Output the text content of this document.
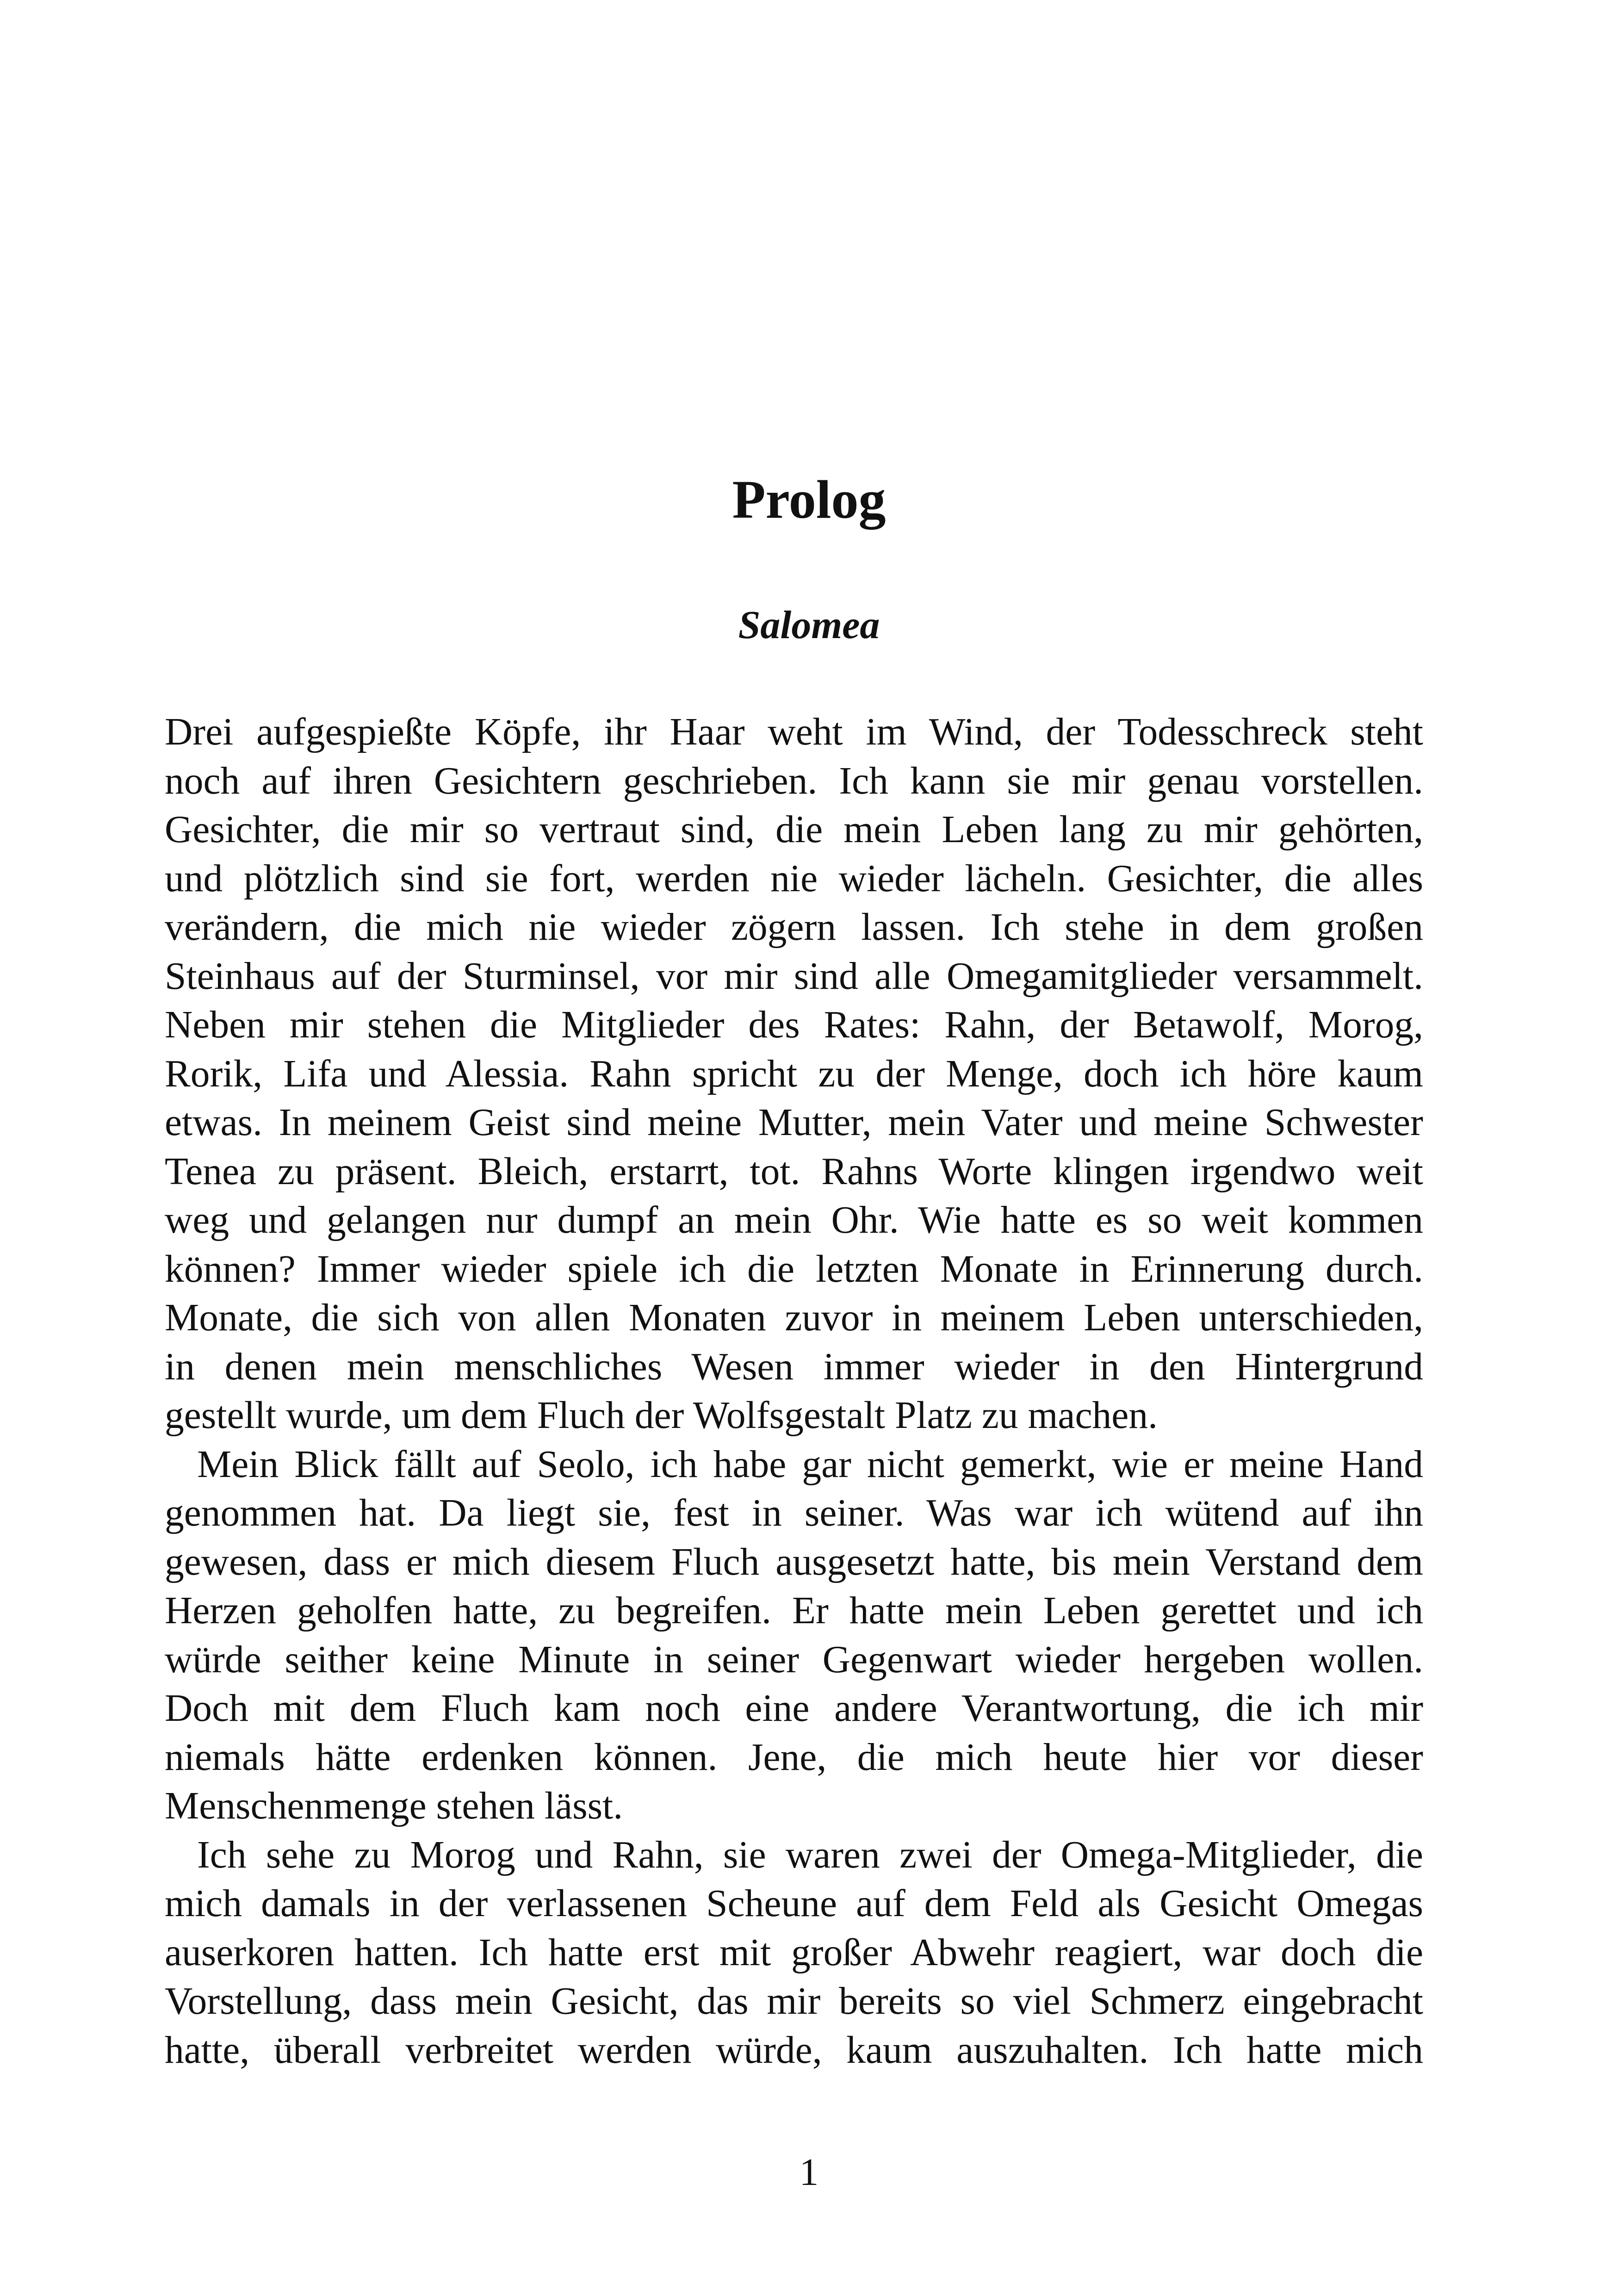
Prolog
Salomea
Drei aufgespießte Köpfe, ihr Haar weht im Wind, der Todesschreck steht
noch auf ihren Gesichtern geschrieben. Ich kann sie mir genau vorstellen.
Gesichter, die mir so vertraut sind, die mein Leben lang zu mir gehörten,
und plötzlich sind sie fort, werden nie wieder lächeln. Gesichter, die alles
verändern, die mich nie wieder zögern lassen. Ich stehe in dem großen
Steinhaus auf der Sturminsel, vor mir sind alle Omegamitglieder versammelt.
Neben mir stehen die Mitglieder des Rates: Rahn, der Betawolf, Morog,
Rorik, Lifa und Alessia. Rahn spricht zu der Menge, doch ich höre kaum
etwas. In meinem Geist sind meine Mutter, mein Vater und meine Schwester
Tenea zu präsent. Bleich, erstarrt, tot. Rahns Worte klingen irgendwo weit
weg und gelangen nur dumpf an mein Ohr. Wie hatte es so weit kommen
können? Immer wieder spiele ich die letzten Monate in Erinnerung durch.
Monate, die sich von allen Monaten zuvor in meinem Leben unterschieden,
in denen mein menschliches Wesen immer wieder in den Hintergrund
gestellt wurde, um dem Fluch der Wolfsgestalt Platz zu machen.
Mein Blick fällt auf Seolo, ich habe gar nicht gemerkt, wie er meine Hand
genommen hat. Da liegt sie, fest in seiner. Was war ich wütend auf ihn
gewesen, dass er mich diesem Fluch ausgesetzt hatte, bis mein Verstand dem
Herzen geholfen hatte, zu begreifen. Er hatte mein Leben gerettet und ich
würde seither keine Minute in seiner Gegenwart wieder hergeben wollen.
Doch mit dem Fluch kam noch eine andere Verantwortung, die ich mir
niemals hätte erdenken können. Jene, die mich heute hier vor dieser
Menschenmenge stehen lässt.
Ich sehe zu Morog und Rahn, sie waren zwei der Omega-Mitglieder, die
mich damals in der verlassenen Scheune auf dem Feld als Gesicht Omegas
auserkoren hatten. Ich hatte erst mit großer Abwehr reagiert, war doch die
Vorstellung, dass mein Gesicht, das mir bereits so viel Schmerz eingebracht
hatte, überall verbreitet werden würde, kaum auszuhalten. Ich hatte mich
1
